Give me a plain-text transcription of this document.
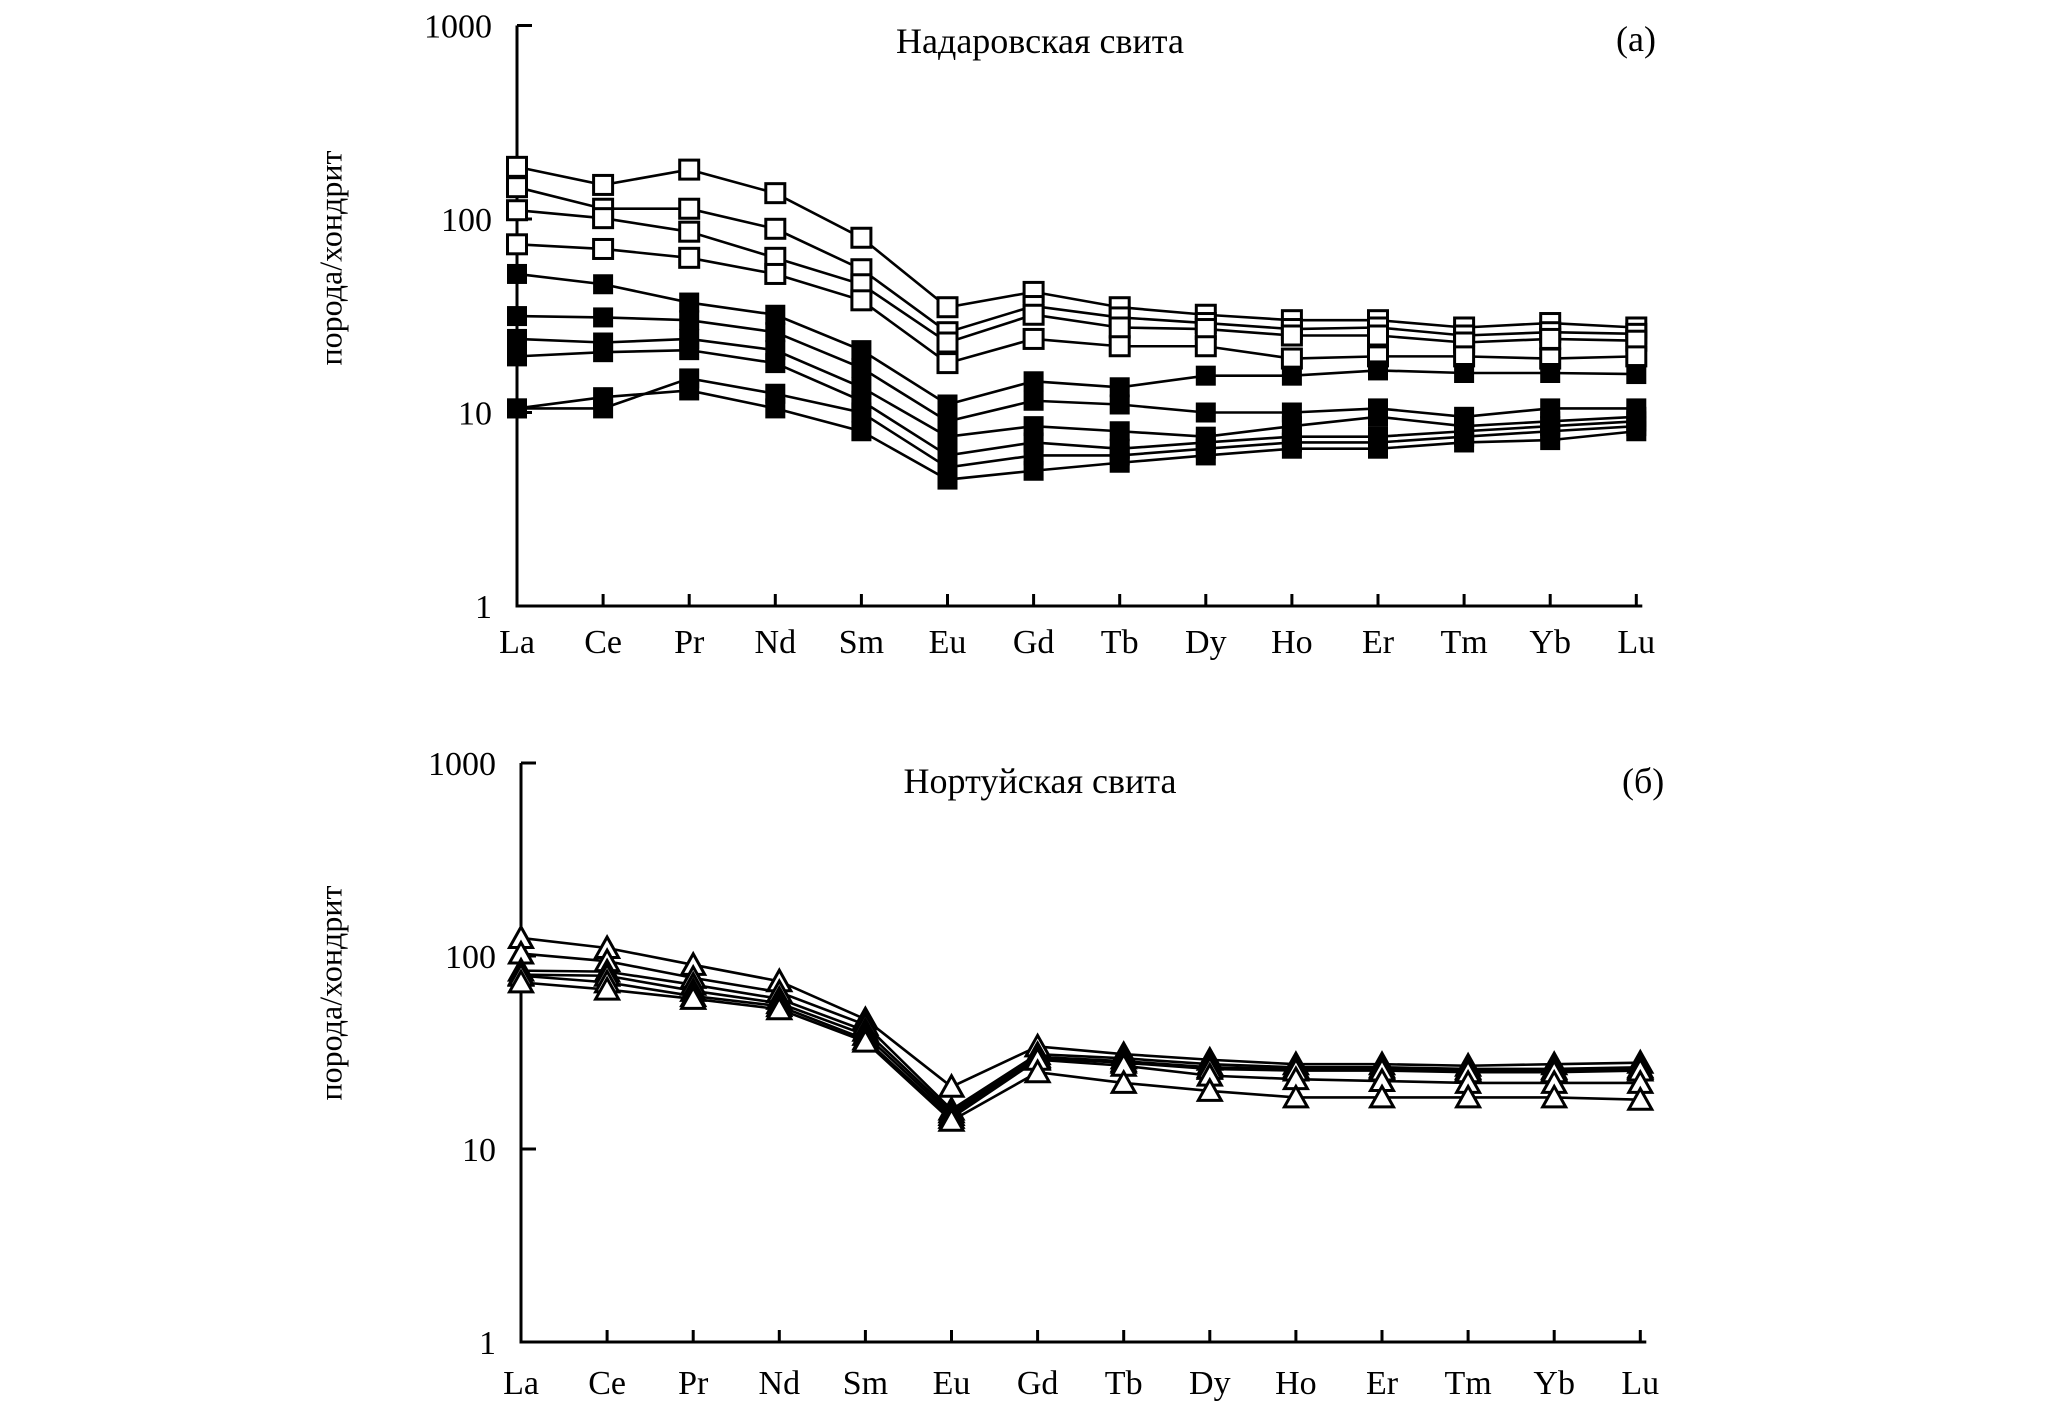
1000
100
10
1
La Ce Pr Nd Sm Eu Gd Tb Dy Ho Er Tm Yb Lu
1000
100
10
1
La Ce Pr Nd Sm Eu Gd Tb Dy Ho Er Tm Yb Lu
Надаровская свита	(а)
порода/хондрит
Нортуйская свита	(б)
порода/хондрит
